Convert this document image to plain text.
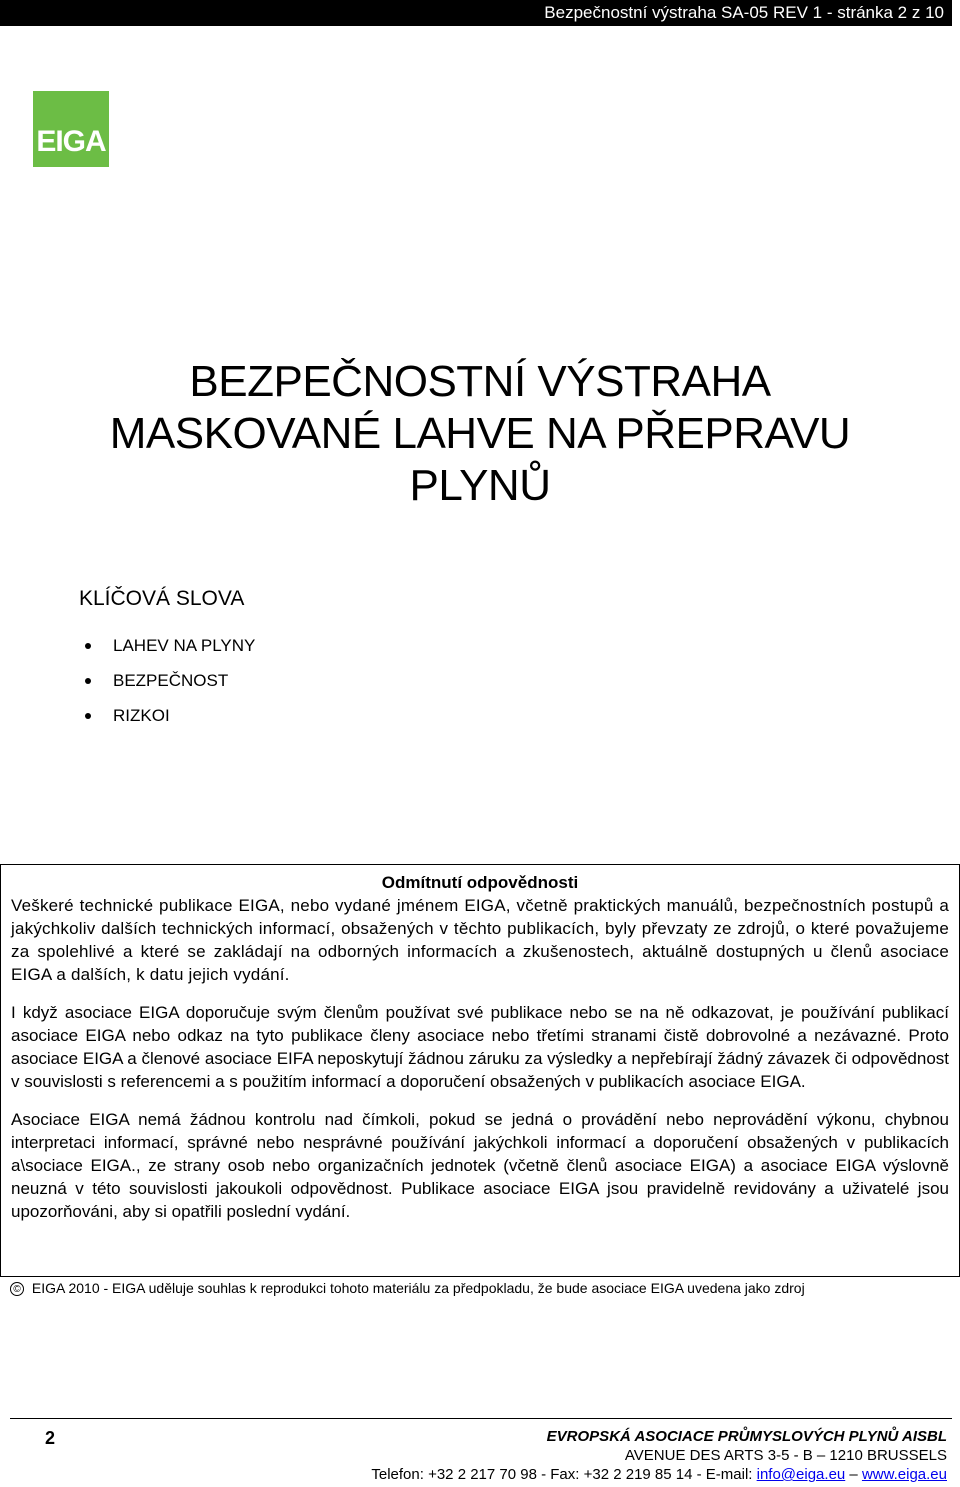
Bezpečnostní výstraha SA-05 REV 1 - stránka 2 z 10
EIGA
BEZPEČNOSTNÍ VÝSTRAHA
MASKOVANÉ LAHVE NA PŘEPRAVU
PLYNŮ
KLÍČOVÁ SLOVA
LAHEV NA PLYNY
BEZPEČNOST
RIZKOI
Odmítnutí odpovědnosti

Veškeré technické publikace EIGA, nebo vydané jménem EIGA, včetně praktických manuálů, bezpečnostních postupů a jakýchkoliv dalších technických informací, obsažených v těchto publikacích, byly převzaty ze zdrojů, o které považujeme za spolehlivé a které se zakládají na odborných informacích a zkušenostech, aktuálně dostupných u členů asociace EIGA a dalších, k datu jejich vydání.

I když asociace EIGA doporučuje svým členům používat své publikace nebo se na ně odkazovat, je používání publikací asociace EIGA nebo odkaz na tyto publikace členy asociace nebo třetími stranami čistě dobrovolné a nezávazné. Proto asociace EIGA a členové asociace EIFA neposkytují žádnou záruku za výsledky a nepřebírají žádný závazek či odpovědnost v souvislosti s referencemi a s použitím informací a doporučení obsažených v publikacích asociace EIGA.

Asociace EIGA nemá žádnou kontrolu nad čímkoli, pokud se jedná o provádění nebo neprovádění výkonu, chybnou interpretaci informací, správné nebo nesprávné používání jakýchkoli informací a doporučení obsažených v publikacích a\sociace EIGA., ze strany osob nebo organizačních jednotek (včetně členů asociace EIGA) a asociace EIGA výslovně neuzná v této souvislosti jakoukoli odpovědnost. Publikace asociace EIGA jsou pravidelně revidovány a uživatelé jsou upozorňováni, aby si opatřili poslední vydání.

© EIGA 2010 - EIGA uděluje souhlas k reprodukci tohoto materiálu za předpokladu, že bude asociace EIGA uvedena jako zdroj
2	EVROPSKÁ ASOCIACE PRŮMYSLOVÝCH PLYNŮ AISBL
AVENUE DES ARTS 3-5 - B – 1210 BRUSSELS
Telefon: +32 2 217 70 98 - Fax: +32 2 219 85 14 - E-mail: info@eiga.eu – www.eiga.eu
